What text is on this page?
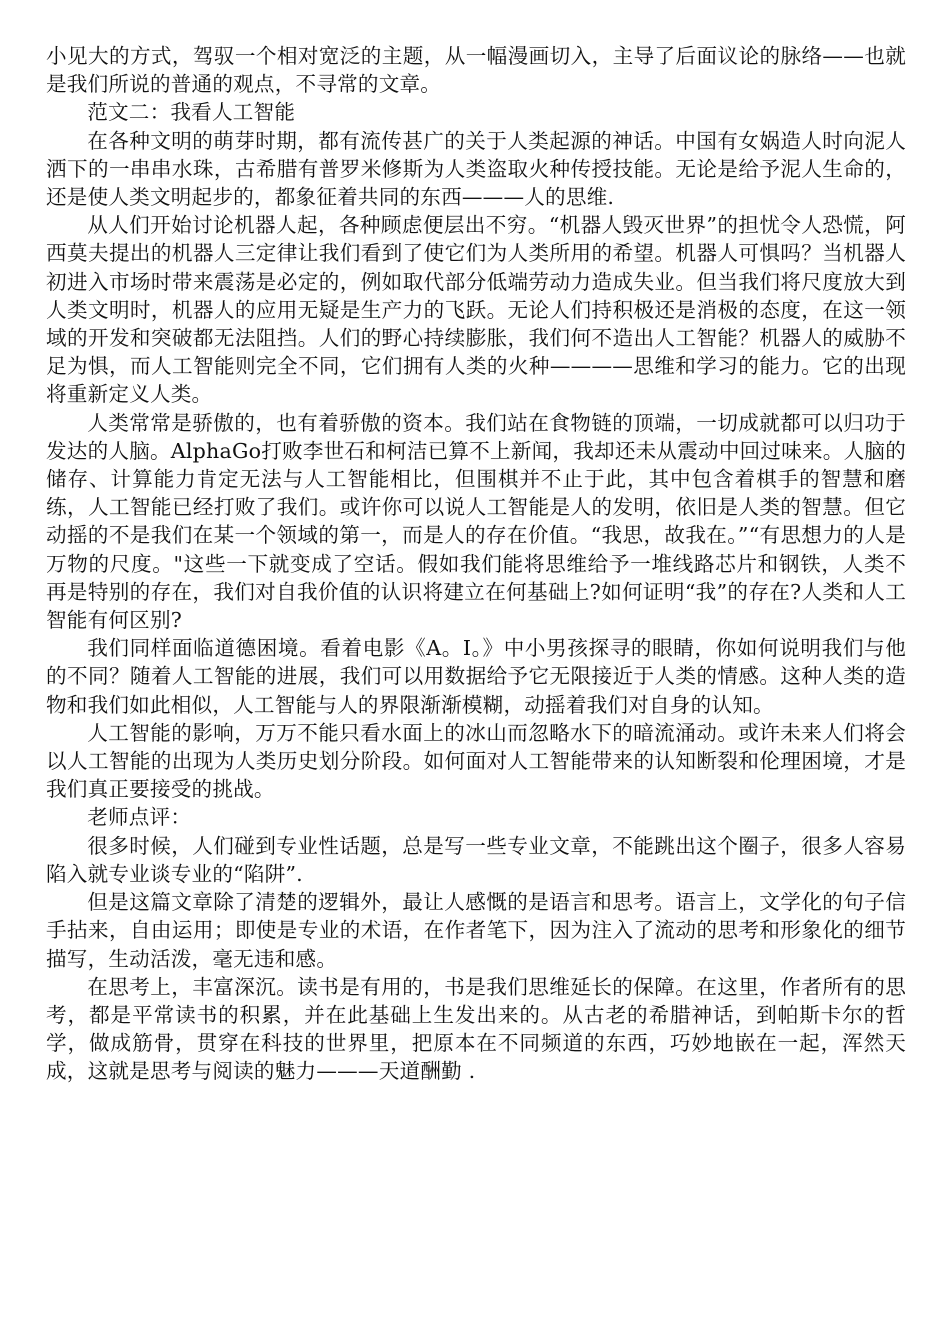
小见大的方式，驾驭一个相对宽泛的主题，从一幅漫画切入，主导了后面议论的脉络——也就是我们所说的普通的观点，不寻常的文章。

范文二：我看人工智能

在各种文明的萌芽时期，都有流传甚广的关于人类起源的神话。中国有女娲造人时向泥人洒下的一串串水珠，古希腊有普罗米修斯为人类盗取火种传授技能。无论是给予泥人生命的，还是使人类文明起步的，都象征着共同的东西———人的思维.

从人们开始讨论机器人起，各种顾虑便层出不穷。“机器人毁灭世界”的担忧令人恐慌，阿西莫夫提出的机器人三定律让我们看到了使它们为人类所用的希望。机器人可惧吗？当机器人初进入市场时带来震荡是必定的，例如取代部分低端劳动力造成失业。但当我们将尺度放大到人类文明时，机器人的应用无疑是生产力的飞跃。无论人们持积极还是消极的态度，在这一领域的开发和突破都无法阻挡。人们的野心持续膨胀，我们何不造出人工智能？机器人的威胁不足为惧，而人工智能则完全不同，它们拥有人类的火种————思维和学习的能力。它的出现将重新定义人类。

人类常常是骄傲的，也有着骄傲的资本。我们站在食物链的顶端，一切成就都可以归功于发达的人脑。AlphaGo打败李世石和柯洁已算不上新闻，我却还未从震动中回过味来。人脑的储存、计算能力肯定无法与人工智能相比，但围棋并不止于此，其中包含着棋手的智慧和磨练，人工智能已经打败了我们。或许你可以说人工智能是人的发明，依旧是人类的智慧。但它动摇的不是我们在某一个领域的第一，而是人的存在价值。“我思，故我在。”“有思想力的人是万物的尺度。"这些一下就变成了空话。假如我们能将思维给予一堆线路芯片和钢铁，人类不再是特别的存在，我们对自我价值的认识将建立在何基础上?如何证明“我”的存在?人类和人工智能有何区别?

我们同样面临道德困境。看着电影《A。I。》中小男孩探寻的眼睛，你如何说明我们与他的不同？随着人工智能的进展，我们可以用数据给予它无限接近于人类的情感。这种人类的造物和我们如此相似，人工智能与人的界限渐渐模糊，动摇着我们对自身的认知。

人工智能的影响，万万不能只看水面上的冰山而忽略水下的暗流涌动。或许未来人们将会以人工智能的出现为人类历史划分阶段。如何面对人工智能带来的认知断裂和伦理困境，才是我们真正要接受的挑战。

老师点评：

很多时候，人们碰到专业性话题，总是写一些专业文章，不能跳出这个圈子，很多人容易陷入就专业谈专业的“陷阱”.

但是这篇文章除了清楚的逻辑外，最让人感慨的是语言和思考。语言上，文学化的句子信手拈来，自由运用；即使是专业的术语，在作者笔下，因为注入了流动的思考和形象化的细节描写，生动活泼，毫无违和感。

在思考上，丰富深沉。读书是有用的，书是我们思维延长的保障。在这里，作者所有的思考，都是平常读书的积累，并在此基础上生发出来的。从古老的希腊神话，到帕斯卡尔的哲学，做成筋骨，贯穿在科技的世界里，把原本在不同频道的东西，巧妙地嵌在一起，浑然天成，这就是思考与阅读的魅力———天道酬勤 .
